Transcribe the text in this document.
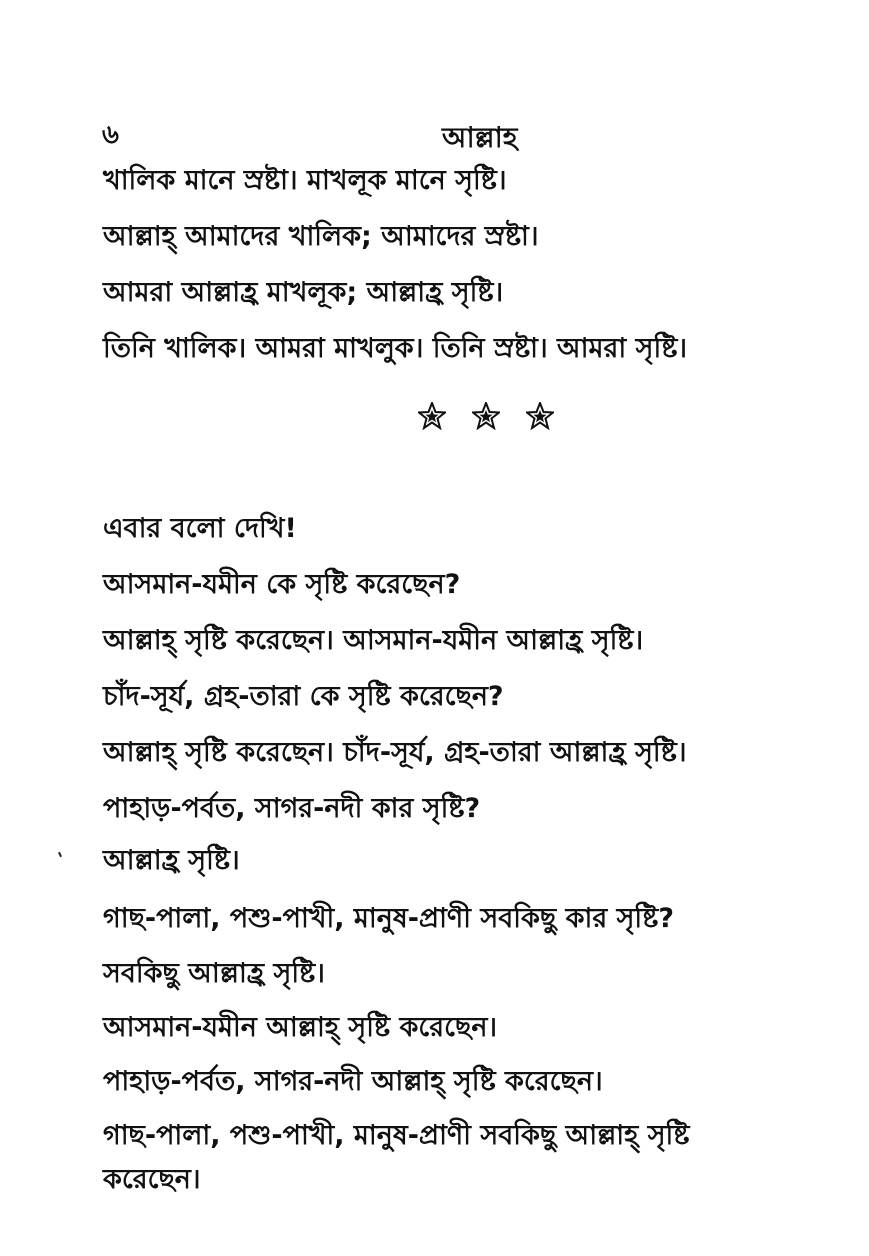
৬	আল্লাহ
খালিক মানে স্রষ্টা। মাখলূক মানে সৃষ্টি।
আল্লাহ্ আমাদের খালিক; আমাদের স্রষ্টা।
আমরা আল্লাহ্র মাখলূক; আল্লাহ্র সৃষ্টি।
তিনি খালিক। আমরা মাখলুক। তিনি স্রষ্টা। আমরা সৃষ্টি।
এবার বলো দেখি!
আসমান-যমীন কে সৃষ্টি করেছেন?
আল্লাহ্ সৃষ্টি করেছেন। আসমান-যমীন আল্লাহ্র সৃষ্টি।
চাঁদ-সূর্য, গ্রহ-তারা কে সৃষ্টি করেছেন?
আল্লাহ্ সৃষ্টি করেছেন। চাঁদ-সূর্য, গ্রহ-তারা আল্লাহ্র সৃষ্টি।
পাহাড়-পর্বত, সাগর-নদী কার সৃষ্টি?
আল্লাহ্র সৃষ্টি।
গাছ-পালা, পশু-পাখী, মানুষ-প্রাণী সবকিছু কার সৃষ্টি?
সবকিছু আল্লাহ্র সৃষ্টি।
আসমান-যমীন আল্লাহ্ সৃষ্টি করেছেন।
পাহাড়-পর্বত, সাগর-নদী আল্লাহ্ সৃষ্টি করেছেন।
গাছ-পালা, পশু-পাখী, মানুষ-প্রাণী সবকিছু আল্লাহ্ সৃষ্টি
করেছেন।
